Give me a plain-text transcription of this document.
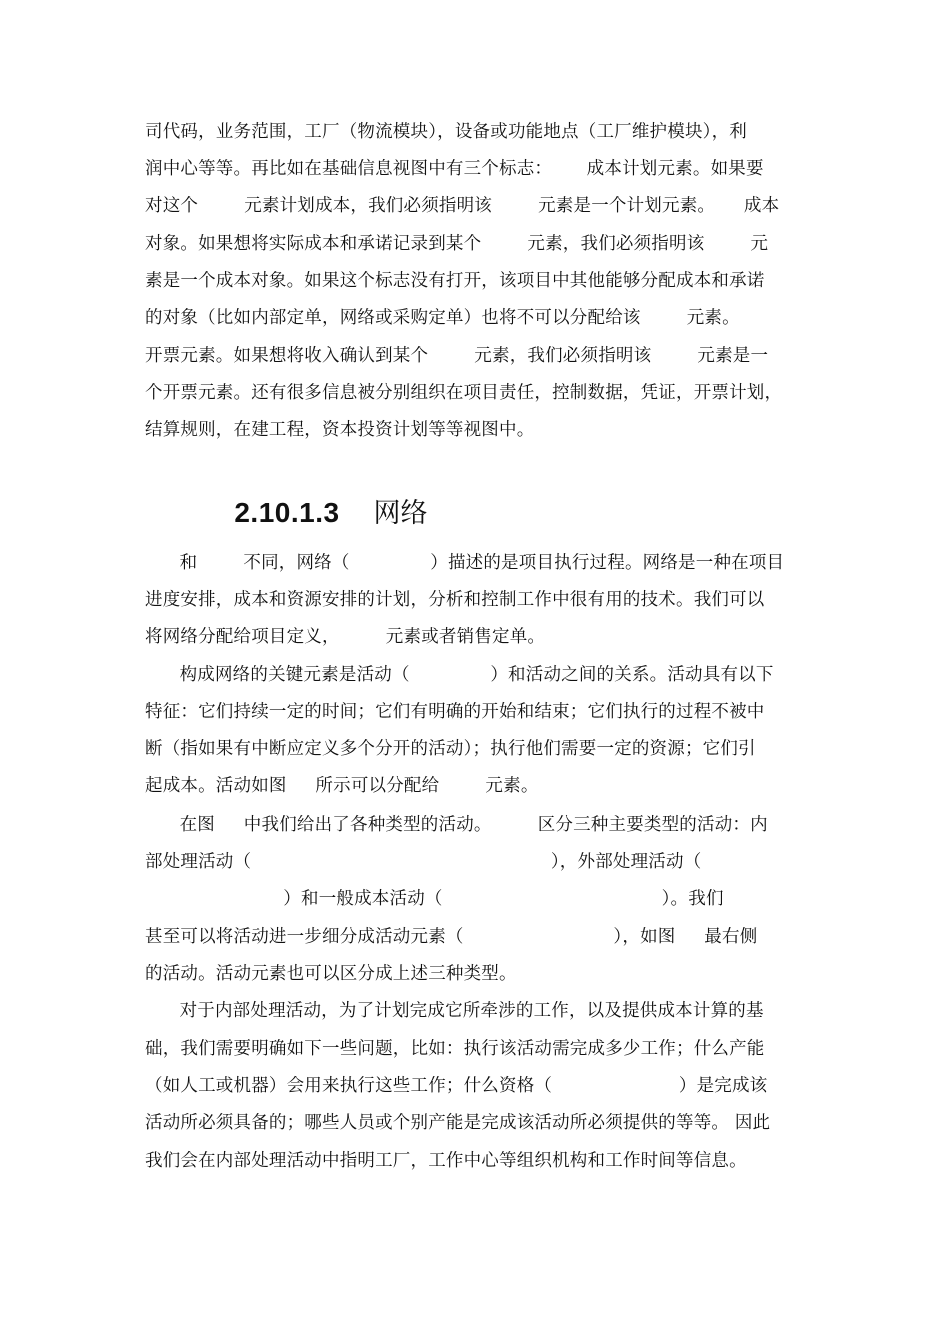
司代码，业务范围，工厂（物流模块），设备或功能地点（工厂维护模块），利
润中心等等。再比如在基础信息视图中有三个标志：      成本计划元素。如果要
对这个        元素计划成本，我们必须指明该        元素是一个计划元素。     成本
对象。如果想将实际成本和承诺记录到某个        元素，我们必须指明该        元
素是一个成本对象。如果这个标志没有打开，该项目中其他能够分配成本和承诺
的对象（比如内部定单，网络或采购定单）也将不可以分配给该        元素。
开票元素。如果想将收入确认到某个        元素，我们必须指明该        元素是一
个开票元素。还有很多信息被分别组织在项目责任，控制数据，凭证，开票计划，
结算规则，在建工程，资本投资计划等等视图中。

2.10.1.3 网络

和        不同，网络（              ）描述的是项目执行过程。网络是一种在项目
进度安排，成本和资源安排的计划，分析和控制工作中很有用的技术。我们可以
将网络分配给项目定义，        元素或者销售定单。
构成网络的关键元素是活动（              ）和活动之间的关系。活动具有以下
特征：它们持续一定的时间；它们有明确的开始和结束；它们执行的过程不被中
断（指如果有中断应定义多个分开的活动）；执行他们需要一定的资源；它们引
起成本。活动如图     所示可以分配给        元素。
在图     中我们给出了各种类型的活动。        区分三种主要类型的活动：内
部处理活动（                                                    ），外部处理活动（
）和一般成本活动（                                      ）。我们
甚至可以将活动进一步细分成活动元素（                          ），如图     最右侧
的活动。活动元素也可以区分成上述三种类型。
对于内部处理活动，为了计划完成它所牵涉的工作，以及提供成本计算的基
础，我们需要明确如下一些问题，比如：执行该活动需完成多少工作；什么产能
（如人工或机器）会用来执行这些工作；什么资格（                      ）是完成该
活动所必须具备的；哪些人员或个别产能是完成该活动所必须提供的等等。 因此
我们会在内部处理活动中指明工厂，工作中心等组织机构和工作时间等信息。
